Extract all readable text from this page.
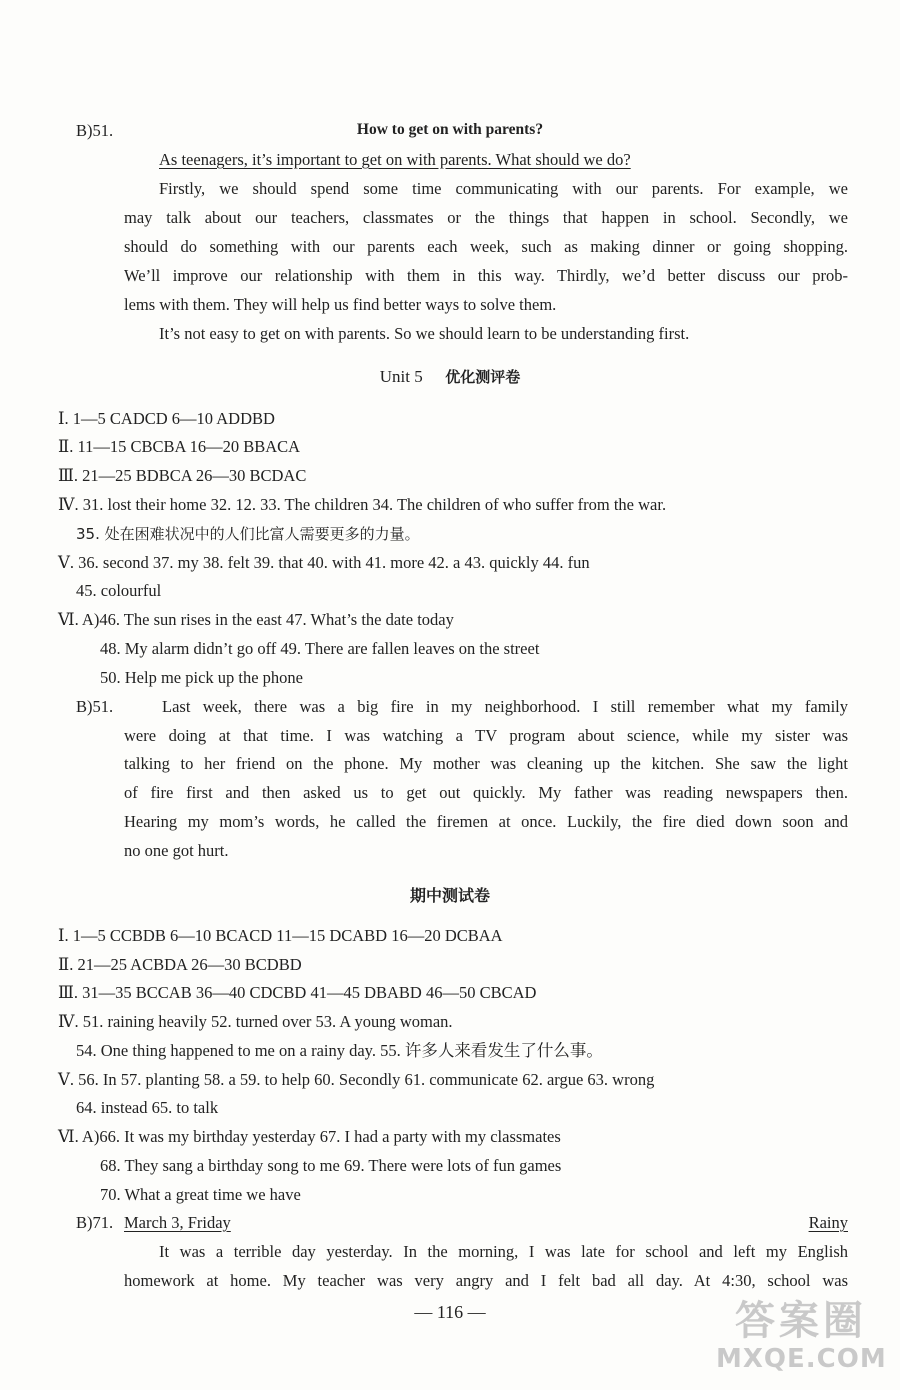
B)51.	How to get on with parents?
As teenagers, it’s important to get on with parents. What should we do?
Firstly, we should spend some time communicating with our parents. For example, we
may talk about our teachers, classmates or the things that happen in school. Secondly, we
should do something with our parents each week, such as making dinner or going shopping.
We’ll improve our relationship with them in this way. Thirdly, we’d better discuss our prob-
lems with them. They will help us find better ways to solve them.
It’s not easy to get on with parents. So we should learn to be understanding first.
Unit 5 优化测评卷
Ⅰ. 1—5 CADCD 6—10 ADDBD
Ⅱ. 11—15 CBCBA 16—20 BBACA
Ⅲ. 21—25 BDBCA 26—30 BCDAC
Ⅳ. 31. lost their home 32. 12. 33. The children 34. The children of who suffer from the war.
35. 处在困难状况中的人们比富人需要更多的力量。
Ⅴ. 36. second 37. my 38. felt 39. that 40. with 41. more 42. a 43. quickly 44. fun
45. colourful
Ⅵ. A)46. The sun rises in the east 47. What’s the date today
48. My alarm didn’t go off 49. There are fallen leaves on the street
50. Help me pick up the phone
B)51.	Last week, there was a big fire in my neighborhood. I still remember what my family
were doing at that time. I was watching a TV program about science, while my sister was
talking to her friend on the phone. My mother was cleaning up the kitchen. She saw the light
of fire first and then asked us to get out quickly. My father was reading newspapers then.
Hearing my mom’s words, he called the firemen at once. Luckily, the fire died down soon and
no one got hurt.
期中测试卷
Ⅰ. 1—5 CCBDB 6—10 BCACD 11—15 DCABD 16—20 DCBAA
Ⅱ. 21—25 ACBDA 26—30 BCDBD
Ⅲ. 31—35 BCCAB 36—40 CDCBD 41—45 DBABD 46—50 CBCAD
Ⅳ. 51. raining heavily 52. turned over 53. A young woman.
54. One thing happened to me on a rainy day. 55. 许多人来看发生了什么事。
Ⅴ. 56. In 57. planting 58. a 59. to help 60. Secondly 61. communicate 62. argue 63. wrong
64. instead 65. to talk
Ⅵ. A)66. It was my birthday yesterday 67. I had a party with my classmates
68. They sang a birthday song to me 69. There were lots of fun games
70. What a great time we have
B)71. March 3, Friday	Rainy
It was a terrible day yesterday. In the morning, I was late for school and left my English
homework at home. My teacher was very angry and I felt bad all day. At 4:30, school was
— 116 —	答案圈
MXQE.COM
